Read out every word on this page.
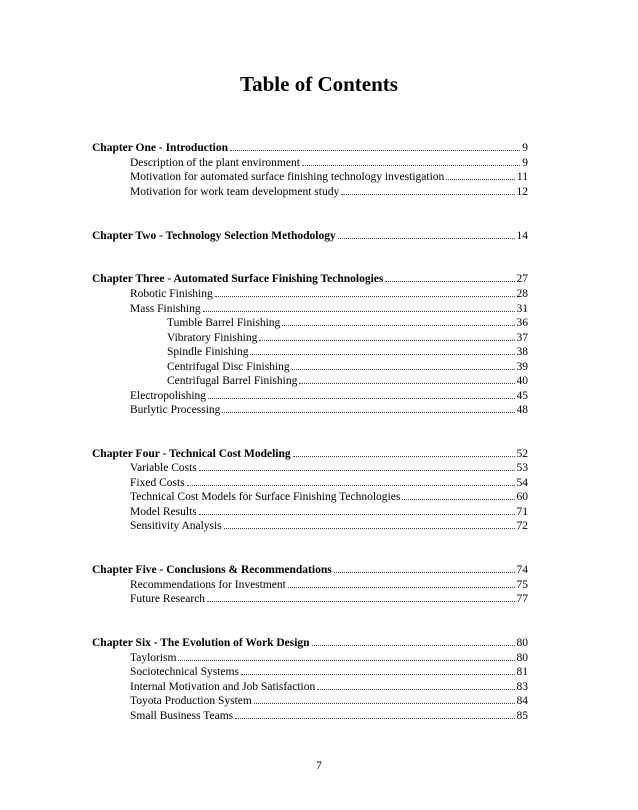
Table of Contents
Chapter One - Introduction	9
Description of the plant environment	9
Motivation for automated surface finishing technology investigation	11
Motivation for work team development study	12
Chapter Two - Technology Selection Methodology	14
Chapter Three - Automated Surface Finishing Technologies	27
Robotic Finishing	28
Mass Finishing	31
Tumble Barrel Finishing	36
Vibratory Finishing	37
Spindle Finishing	38
Centrifugal Disc Finishing	39
Centrifugal Barrel Finishing	40
Electropolishing	45
Burlytic Processing	48
Chapter Four - Technical Cost Modeling	52
Variable Costs	53
Fixed Costs	54
Technical Cost Models for Surface Finishing Technologies	60
Model Results	71
Sensitivity Analysis	72
Chapter Five - Conclusions & Recommendations	74
Recommendations for Investment	75
Future Research	77
Chapter Six - The Evolution of Work Design	80
Taylorism	80
Sociotechnical Systems	81
Internal Motivation and Job Satisfaction	83
Toyota Production System	84
Small Business Teams	85
7
